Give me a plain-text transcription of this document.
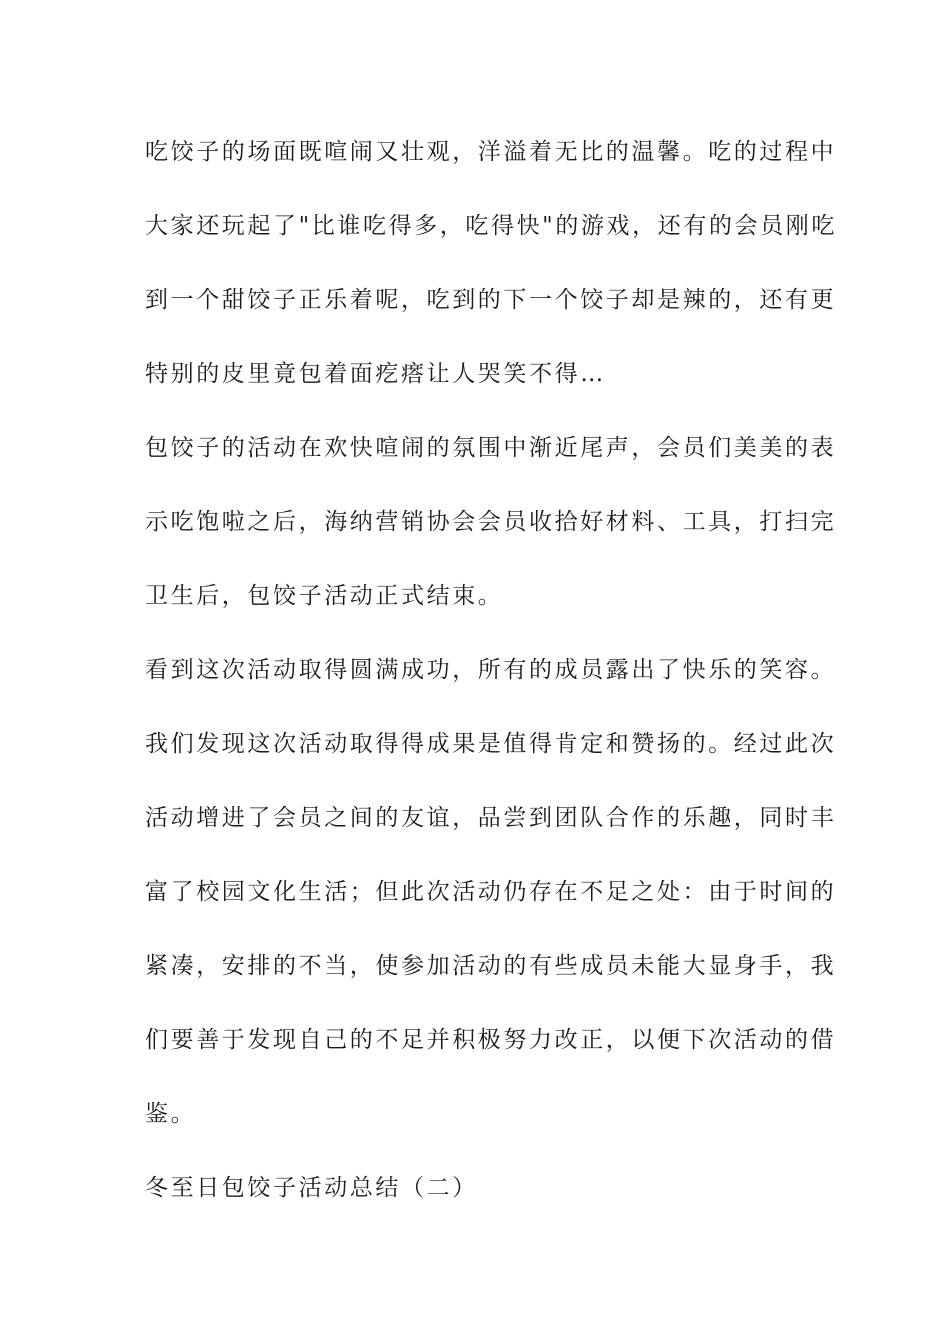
吃饺子的场面既喧闹又壮观，洋溢着无比的温馨。吃的过程中
大家还玩起了"比谁吃得多，吃得快"的游戏，还有的会员刚吃
到一个甜饺子正乐着呢，吃到的下一个饺子却是辣的，还有更
特别的皮里竟包着面疙瘩让人哭笑不得…
包饺子的活动在欢快喧闹的氛围中渐近尾声，会员们美美的表
示吃饱啦之后，海纳营销协会会员收拾好材料、工具，打扫完
卫生后，包饺子活动正式结束。
看到这次活动取得圆满成功，所有的成员露出了快乐的笑容。
我们发现这次活动取得得成果是值得肯定和赞扬的。经过此次
活动增进了会员之间的友谊，品尝到团队合作的乐趣，同时丰
富了校园文化生活；但此次活动仍存在不足之处：由于时间的
紧凑，安排的不当，使参加活动的有些成员未能大显身手，我
们要善于发现自己的不足并积极努力改正，以便下次活动的借
鉴。
冬至日包饺子活动总结（二）
